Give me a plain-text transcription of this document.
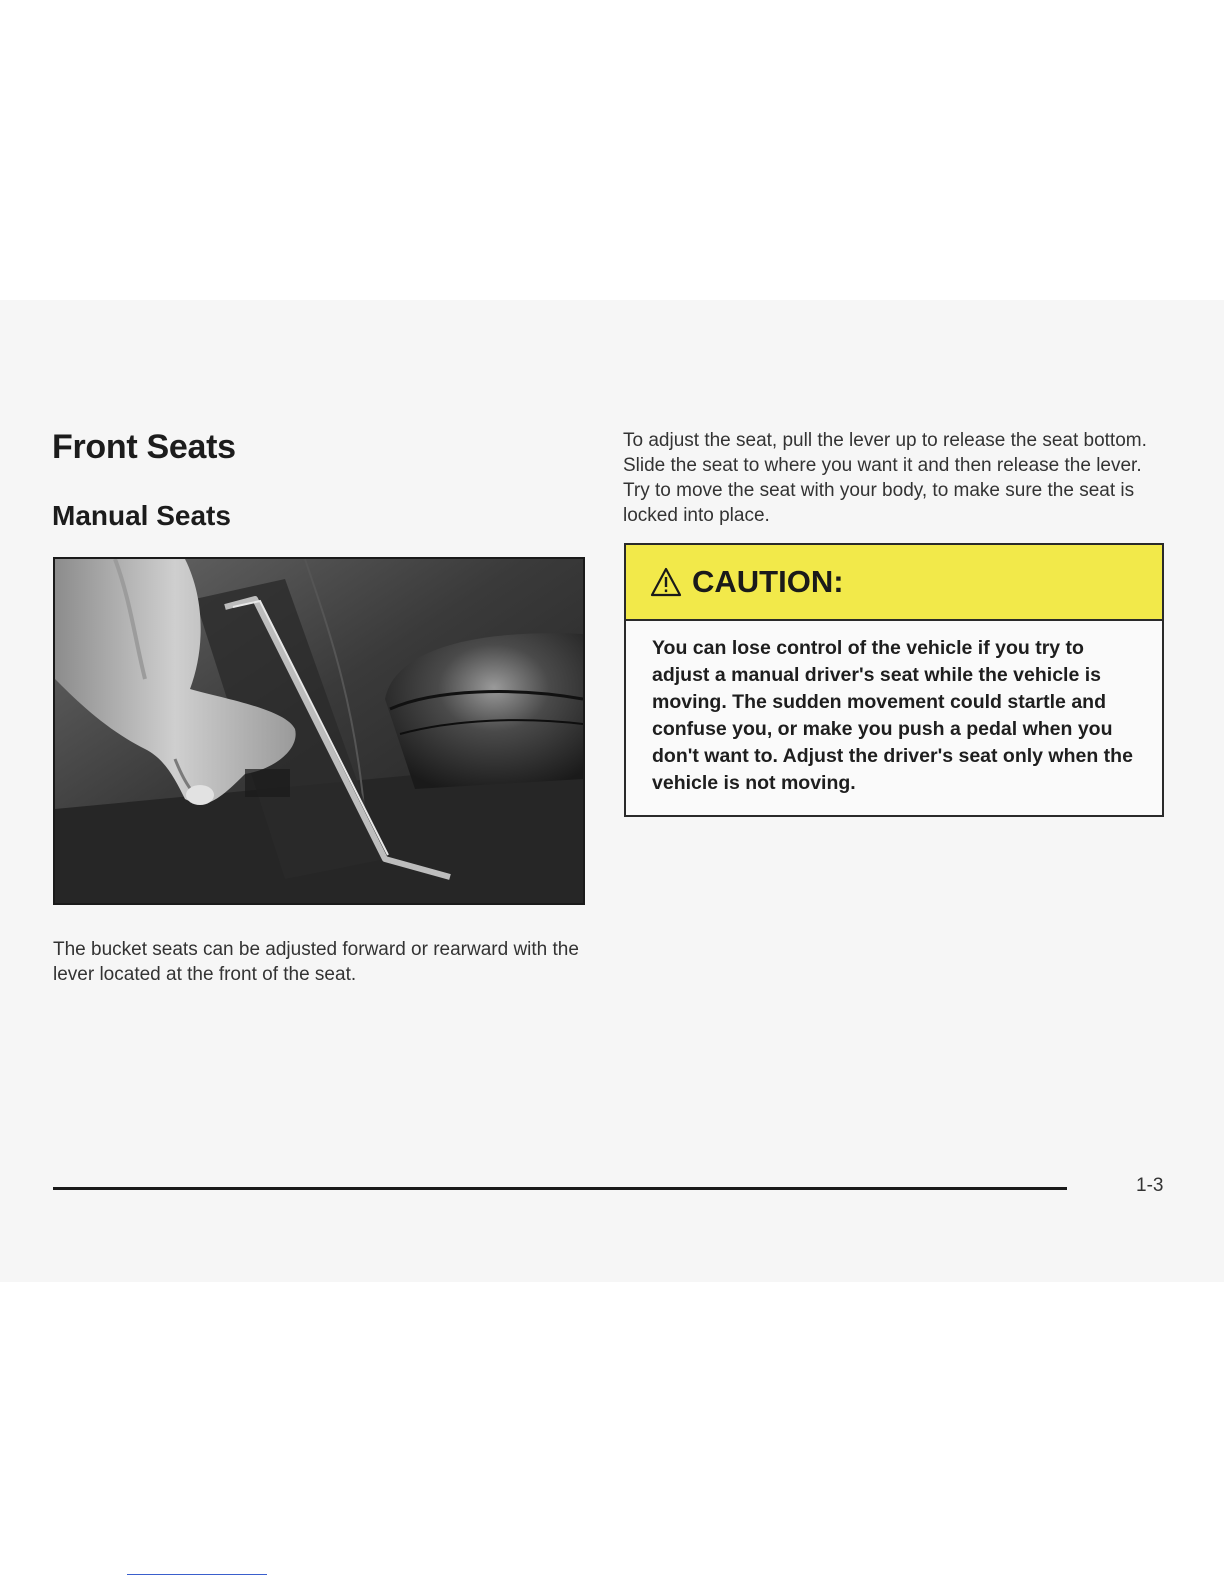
Front Seats
Manual Seats

The bucket seats can be adjusted forward or rearward with the lever located at the front of the seat.

To adjust the seat, pull the lever up to release the seat bottom. Slide the seat to where you want it and then release the lever. Try to move the seat with your body, to make sure the seat is locked into place.

CAUTION:

You can lose control of the vehicle if you try to adjust a manual driver's seat while the vehicle is moving. The sudden movement could startle and confuse you, or make you push a pedal when you don't want to. Adjust the driver's seat only when the vehicle is not moving.

1-3
